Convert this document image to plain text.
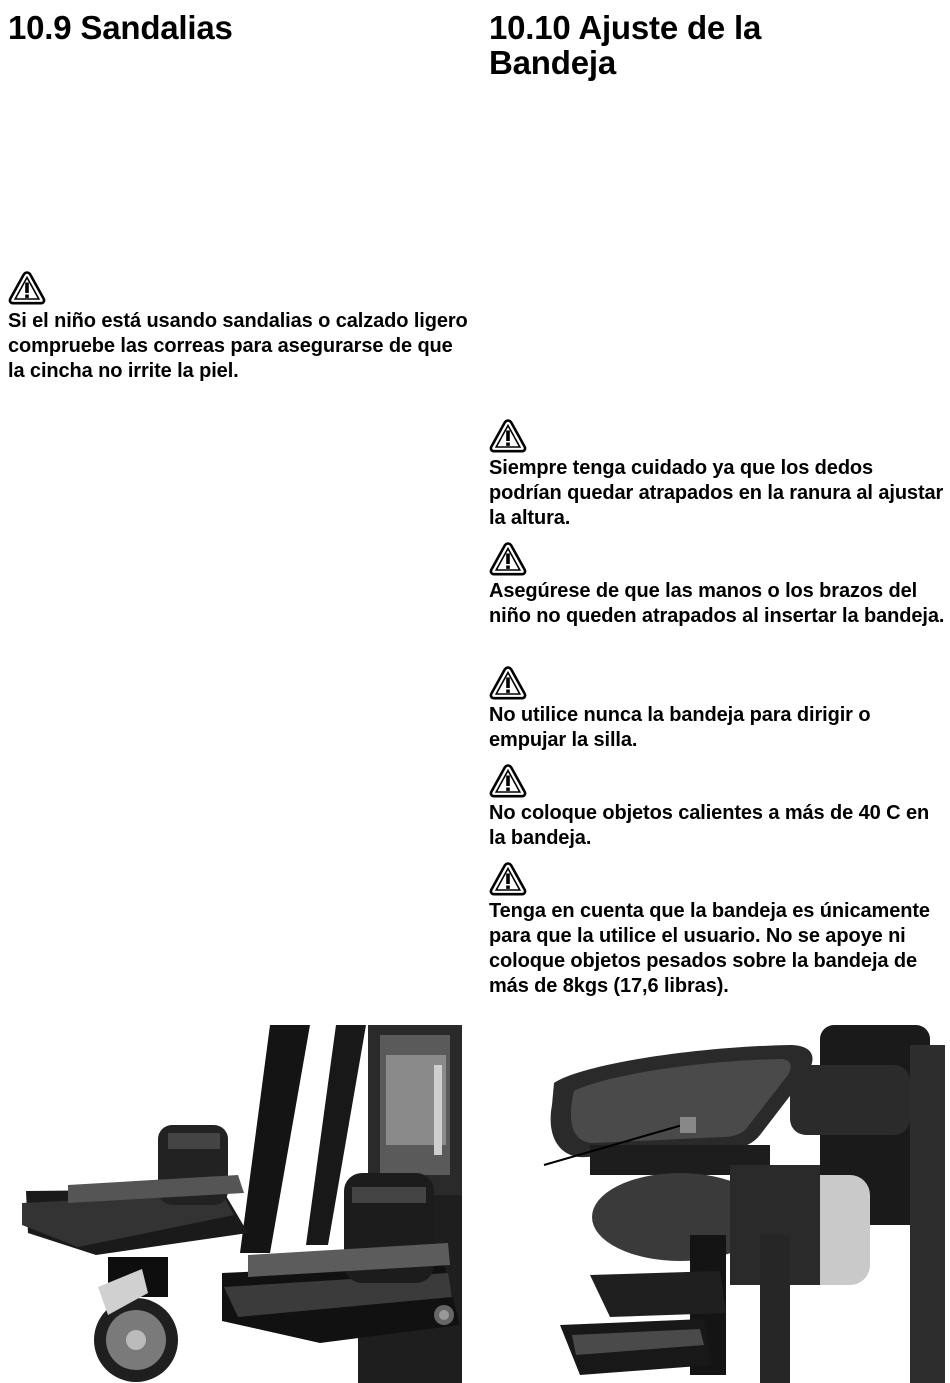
10.9 Sandalias

Si el niño está usando sandalias o calzado ligero compruebe las correas para asegurarse de que la cincha no irrite la piel.

10.10 Ajuste de la
Bandeja

Siempre tenga cuidado ya que los dedos podrían quedar atrapados en la ranura al ajustar la altura.

Asegúrese de que las manos o los brazos del niño no queden atrapados al insertar la bandeja.

No utilice nunca la bandeja para dirigir o empujar la silla.

No coloque objetos calientes a más de 40 C en la bandeja.

Tenga en cuenta que la bandeja es únicamente para que la utilice el usuario. No se apoye ni coloque objetos pesados sobre la bandeja de más de 8kgs (17,6 libras).
